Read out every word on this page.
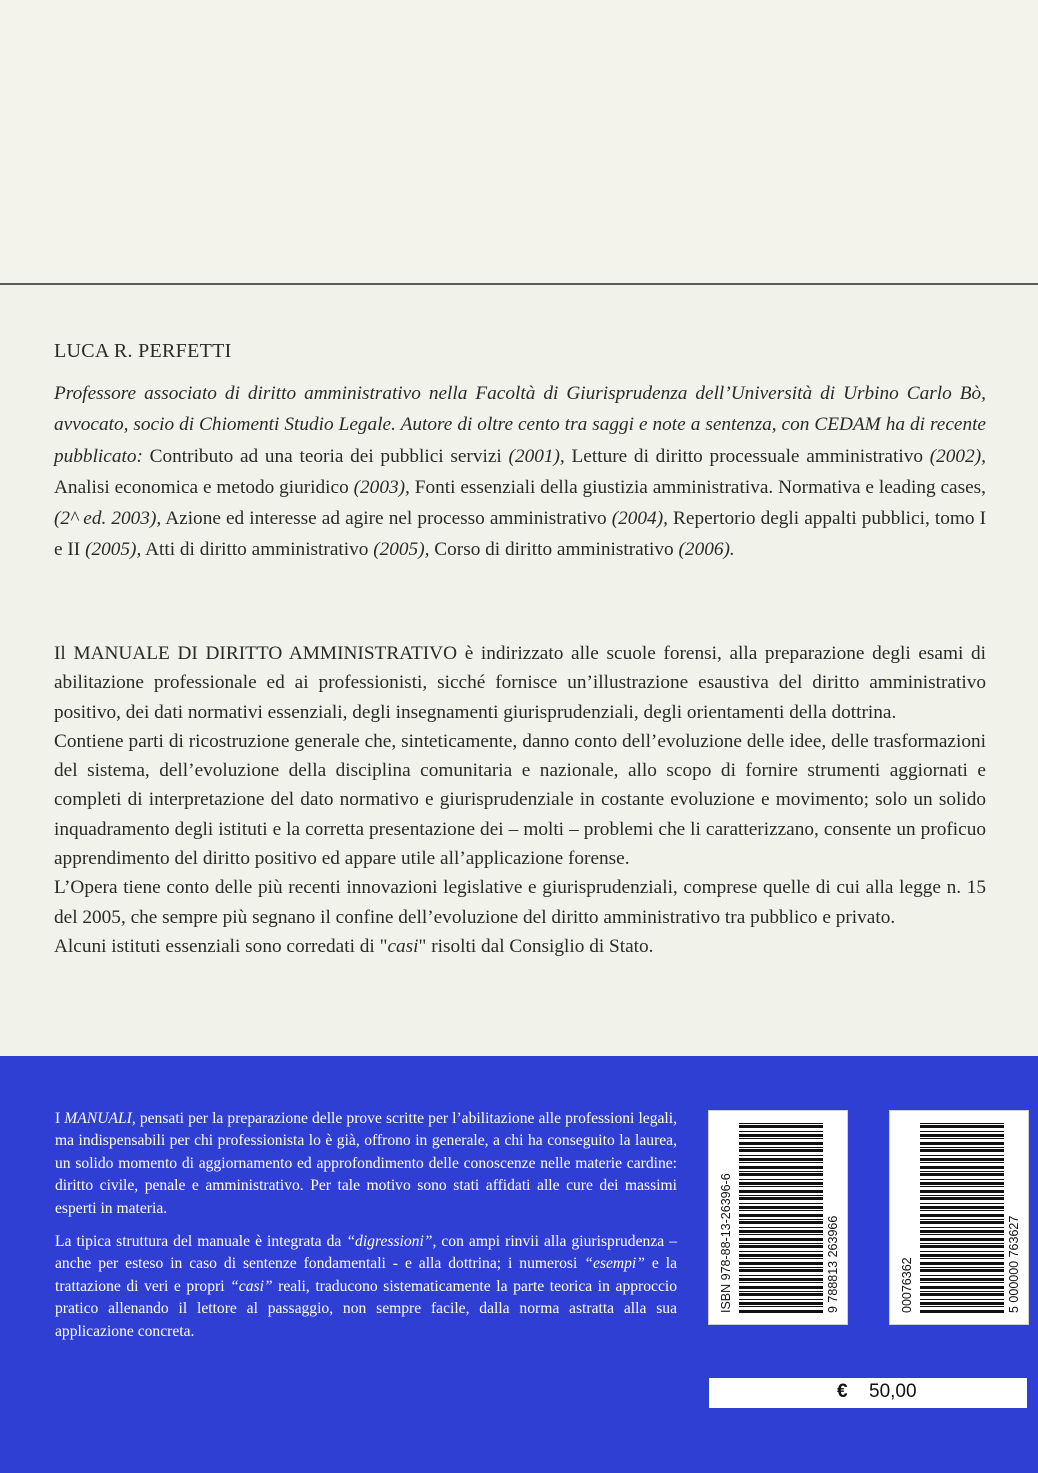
LUCA R. PERFETTI
Professore associato di diritto amministrativo nella Facoltà di Giurisprudenza dell’Università di Urbino Carlo Bò, avvocato, socio di Chiomenti Studio Legale. Autore di oltre cento tra saggi e note a sentenza, con CEDAM ha di recente pubblicato: Contributo ad una teoria dei pubblici servizi (2001), Letture di diritto processuale amministrativo (2002), Analisi economica e metodo giuridico (2003), Fonti essenziali della giustizia amministrativa. Normativa e leading cases, (2^ ed. 2003), Azione ed interesse ad agire nel processo amministrativo (2004), Repertorio degli appalti pubblici, tomo I e II (2005), Atti di diritto amministrativo (2005), Corso di diritto amministrativo (2006).

Il MANUALE DI DIRITTO AMMINISTRATIVO è indirizzato alle scuole forensi, alla preparazione degli esami di abilitazione professionale ed ai professionisti, sicché fornisce un’illustrazione esaustiva del diritto amministrativo positivo, dei dati normativi essenziali, degli insegnamenti giurisprudenziali, degli orientamenti della dottrina.

Contiene parti di ricostruzione generale che, sinteticamente, danno conto dell’evoluzione delle idee, delle trasformazioni del sistema, dell’evoluzione della disciplina comunitaria e nazionale, allo scopo di fornire strumenti aggiornati e completi di interpretazione del dato normativo e giurisprudenziale in costante evoluzione e movimento; solo un solido inquadramento degli istituti e la corretta presentazione dei – molti – problemi che li caratterizzano, consente un proficuo apprendimento del diritto positivo ed appare utile all’applicazione forense.

L’Opera tiene conto delle più recenti innovazioni legislative e giurisprudenziali, comprese quelle di cui alla legge n. 15 del 2005, che sempre più segnano il confine dell’evoluzione del diritto amministrativo tra pubblico e privato.

Alcuni istituti essenziali sono corredati di "casi" risolti dal Consiglio di Stato.

I MANUALI, pensati per la preparazione delle prove scritte per l’abilitazione alle professioni legali, ma indispensabili per chi professionista lo è già, offrono in generale, a chi ha conseguito la laurea, un solido momento di aggiornamento ed approfondimento delle conoscenze nelle materie cardine: diritto civile, penale e amministrativo. Per tale motivo sono stati affidati alle cure dei massimi esperti in materia.

La tipica struttura del manuale è integrata da “digressioni”, con ampi rinvii alla giurisprudenza – anche per esteso in caso di sentenze fondamentali - e alla dottrina; i numerosi “esempi” e la trattazione di veri e propri “casi” reali, traducono sistematicamente la parte teorica in approccio pratico allenando il lettore al passaggio, non sempre facile, dalla norma astratta alla sua applicazione concreta.

ISBN 978-88-13-26396-6	9 788813 263966	00076362	5 000000 763627
€ 50,00
